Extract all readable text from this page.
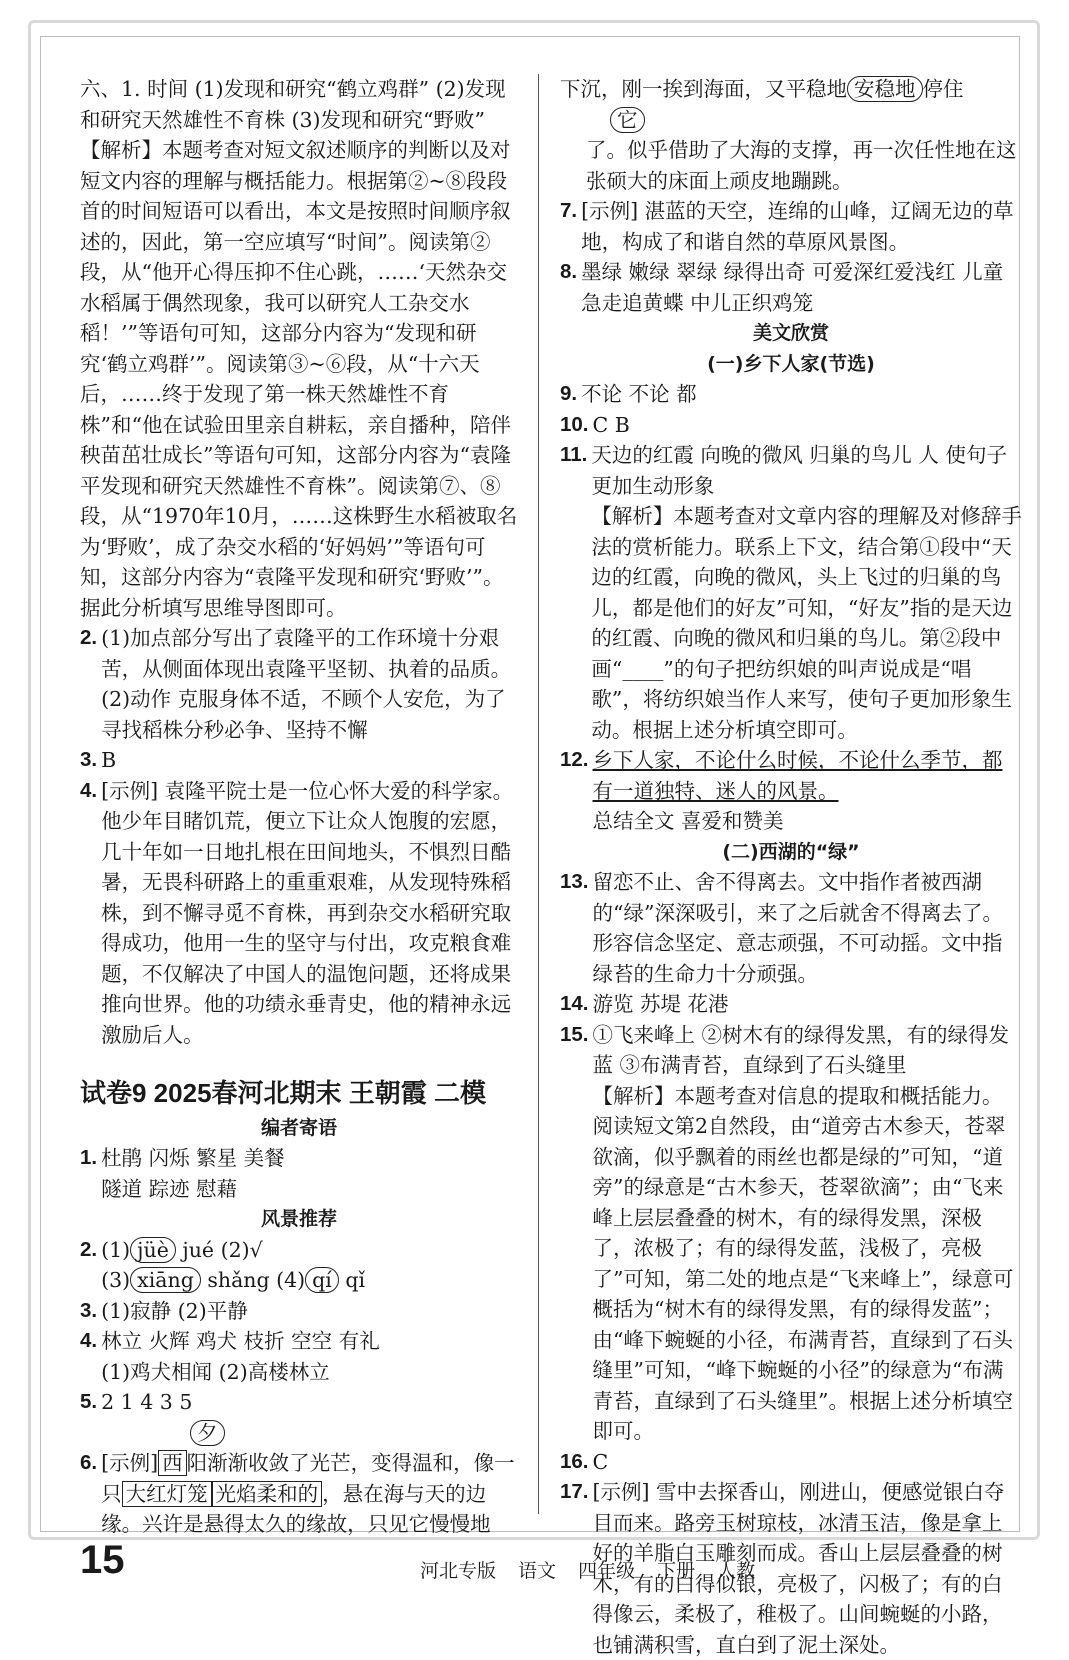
六、1. 时间 (1)发现和研究“鹤立鸡群” (2)发现和研究天然雄性不育株 (3)发现和研究“野败” 【解析】本题考查对短文叙述顺序的判断以及对短文内容的理解与概括能力。根据第②~⑧段段首的时间短语可以看出，本文是按照时间顺序叙述的，因此，第一空应填写“时间”。阅读第②段，从“他开心得压抑不住心跳，……‘天然杂交水稻属于偶然现象，我可以研究人工杂交水稻！’”等语句可知，这部分内容为“发现和研究‘鹤立鸡群’”。阅读第③~⑥段，从“十六天后，……终于发现了第一株天然雄性不育株”和“他在试验田里亲自耕耘，亲自播种，陪伴秧苗茁壮成长”等语句可知，这部分内容为“袁隆平发现和研究天然雄性不育株”。阅读第⑦、⑧段，从“1970年10月，……这株野生水稻被取名为‘野败’，成了杂交水稻的‘好妈妈’”等语句可知，这部分内容为“袁隆平发现和研究‘野败’”。据此分析填写思维导图即可。

2. (1)加点部分写出了袁隆平的工作环境十分艰苦，从侧面体现出袁隆平坚韧、执着的品质。

(2)动作 克服身体不适，不顾个人安危，为了寻找稻株分秒必争、坚持不懈

3. B
4. [示例] 袁隆平院士是一位心怀大爱的科学家。他少年目睹饥荒，便立下让众人饱腹的宏愿，几十年如一日地扎根在田间地头，不惧烈日酷暑，无畏科研路上的重重艰难，从发现特殊稻株，到不懈寻觅不育株，再到杂交水稻研究取得成功，他用一生的坚守与付出，攻克粮食难题，不仅解决了中国人的温饱问题，还将成果推向世界。他的功绩永垂青史，他的精神永远激励后人。

试卷9 2025春河北期末 王朝霞 二模
编者寄语
1. 杜鹃 闪烁 繁星 美餐

隧道 踪迹 慰藉

风景推荐
2. (1) jüè jué (2)√

(3) xiāng shǎng (4) qí qǐ

3. (1)寂静 (2)平静
4. 林立 火辉 鸡犬 枝折 空空 有礼

(1)鸡犬相闻 (2)高楼林立

5. 2 1 4 3 5

夕

6. [示例] 西 阳渐渐收敛了光芒，变得温和，像一只 大红灯笼 光焰柔和的 ，悬在海与天的边缘。兴许是悬得太久的缘故，只见它慢慢地

下沉，刚一挨到海面，又平稳地 安稳地 停住

它

了。似乎借助了大海的支撑，再一次任性地在这张硕大的床面上顽皮地蹦跳。

7. [示例] 湛蓝的天空，连绵的山峰，辽阔无边的草地，构成了和谐自然的草原风景图。

8. 墨绿 嫩绿 翠绿 绿得出奇 可爱深红爱浅红 儿童急走追黄蝶 中儿正织鸡笼

美文欣赏
(一)乡下人家(节选)
9. 不论 不论 都
10. C B
11. 天边的红霞 向晚的微风 归巢的鸟儿 人 使句子更加生动形象

【解析】本题考查对文章内容的理解及对修辞手法的赏析能力。联系上下文，结合第①段中“天边的红霞，向晚的微风，头上飞过的归巢的鸟儿，都是他们的好友”可知，“好友”指的是天边的红霞、向晚的微风和归巢的鸟儿。第②段中画“____”的句子把纺织娘的叫声说成是“唱歌”，将纺织娘当作人来写，使句子更加形象生动。根据上述分析填空即可。

12. 乡下人家，不论什么时候，不论什么季节，都有一道独特、迷人的风景。

总结全文 喜爱和赞美

(二)西湖的“绿”
13. 留恋不止、舍不得离去。文中指作者被西湖的“绿”深深吸引，来了之后就舍不得离去了。形容信念坚定、意志顽强，不可动摇。文中指绿苔的生命力十分顽强。

14. 游览 苏堤 花港
15. ①飞来峰上 ②树木有的绿得发黑，有的绿得发蓝 ③布满青苔，直绿到了石头缝里

【解析】本题考查对信息的提取和概括能力。阅读短文第2自然段，由“道旁古木参天，苍翠欲滴，似乎飘着的雨丝也都是绿的”可知，“道旁”的绿意是“古木参天，苍翠欲滴”；由“飞来峰上层层叠叠的树木，有的绿得发黑，深极了，浓极了；有的绿得发蓝，浅极了，亮极了”可知，第二处的地点是“飞来峰上”，绿意可概括为“树木有的绿得发黑，有的绿得发蓝”；由“峰下蜿蜒的小径，布满青苔，直绿到了石头缝里”可知，“峰下蜿蜒的小径”的绿意为“布满青苔，直绿到了石头缝里”。根据上述分析填空即可。

16. C
17. [示例] 雪中去探香山，刚进山，便感觉银白夺目而来。路旁玉树琼枝，冰清玉洁，像是拿上好的羊脂白玉雕刻而成。香山上层层叠叠的树木，有的白得似银，亮极了，闪极了；有的白得像云，柔极了，稚极了。山间蜿蜒的小路，也铺满积雪，直白到了泥土深处。

15	河北专版 语文 四年级 下册 人教
